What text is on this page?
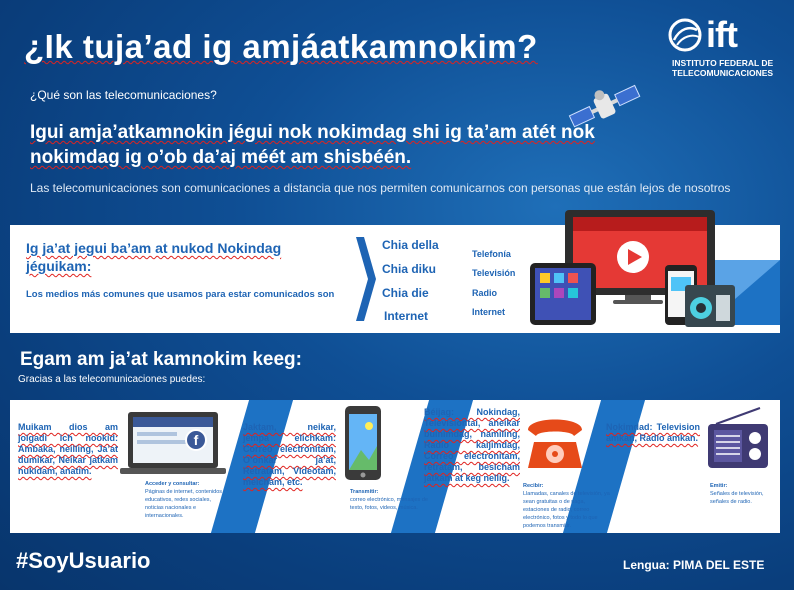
¿Ik tuja’ad ig amjáatkamnokim?
¿Qué son las telecomunicaciones?
Igui amja’atkamnokin jégui nok nokimdag shi ig ta’am atét nok nokimdag ig o’ob da’aj méét am shisbéén.
Las telecomunicaciones son comunicaciones a distancia que nos permiten comunicarnos con personas que están lejos de nosotros
ift
INSTITUTO FEDERAL DE
TELECOMUNICACIONES
Ig ja’at jegui ba’am at nukod Nokindag jéguikam:
Los medios más comunes que usamos para estar comunicados son
Chia della
Chia diku
Chia die
Internet
Telefonía
Televisión
Radio
Internet
Egam am ja’at kamnokim keeg:
Gracias a las telecomunicaciones puedes:
Muikam dios am joigadi ich nookid: Ambaka, neilling, Ja’at dumikar, Neikar jatkam nukidam, anatim.
f
Acceder y consultar:
Páginas de internet, contenidos educativos, redes sociales, noticias nacionales e internacionales.
Jaktam, neikar, jempa elichkam: Correo electronitam, O’onkar ja’at, Retratam, Videotam, meicham, etc.
Transmitir:
correo electrónico, mensajes de texto, fotos, videos, música.
Béijag: Nokindag, Televisiontai, aneikar buinimdag, namiling, Radio kaijimdag, Correo electronitam, retratam, besicham jatkam at keg nellig.
Recibir:
Llamadas, canales de televisión, ya sean gratuitas o de paga, estaciones de radio, correo electrónico, fotos y todo lo que podemos transmitir.
Nokimdad: Television amkan, Radio amkan.
Emitir:
Señales de televisión, señales de radio.
#SoyUsuario	Lengua: PIMA DEL ESTE
